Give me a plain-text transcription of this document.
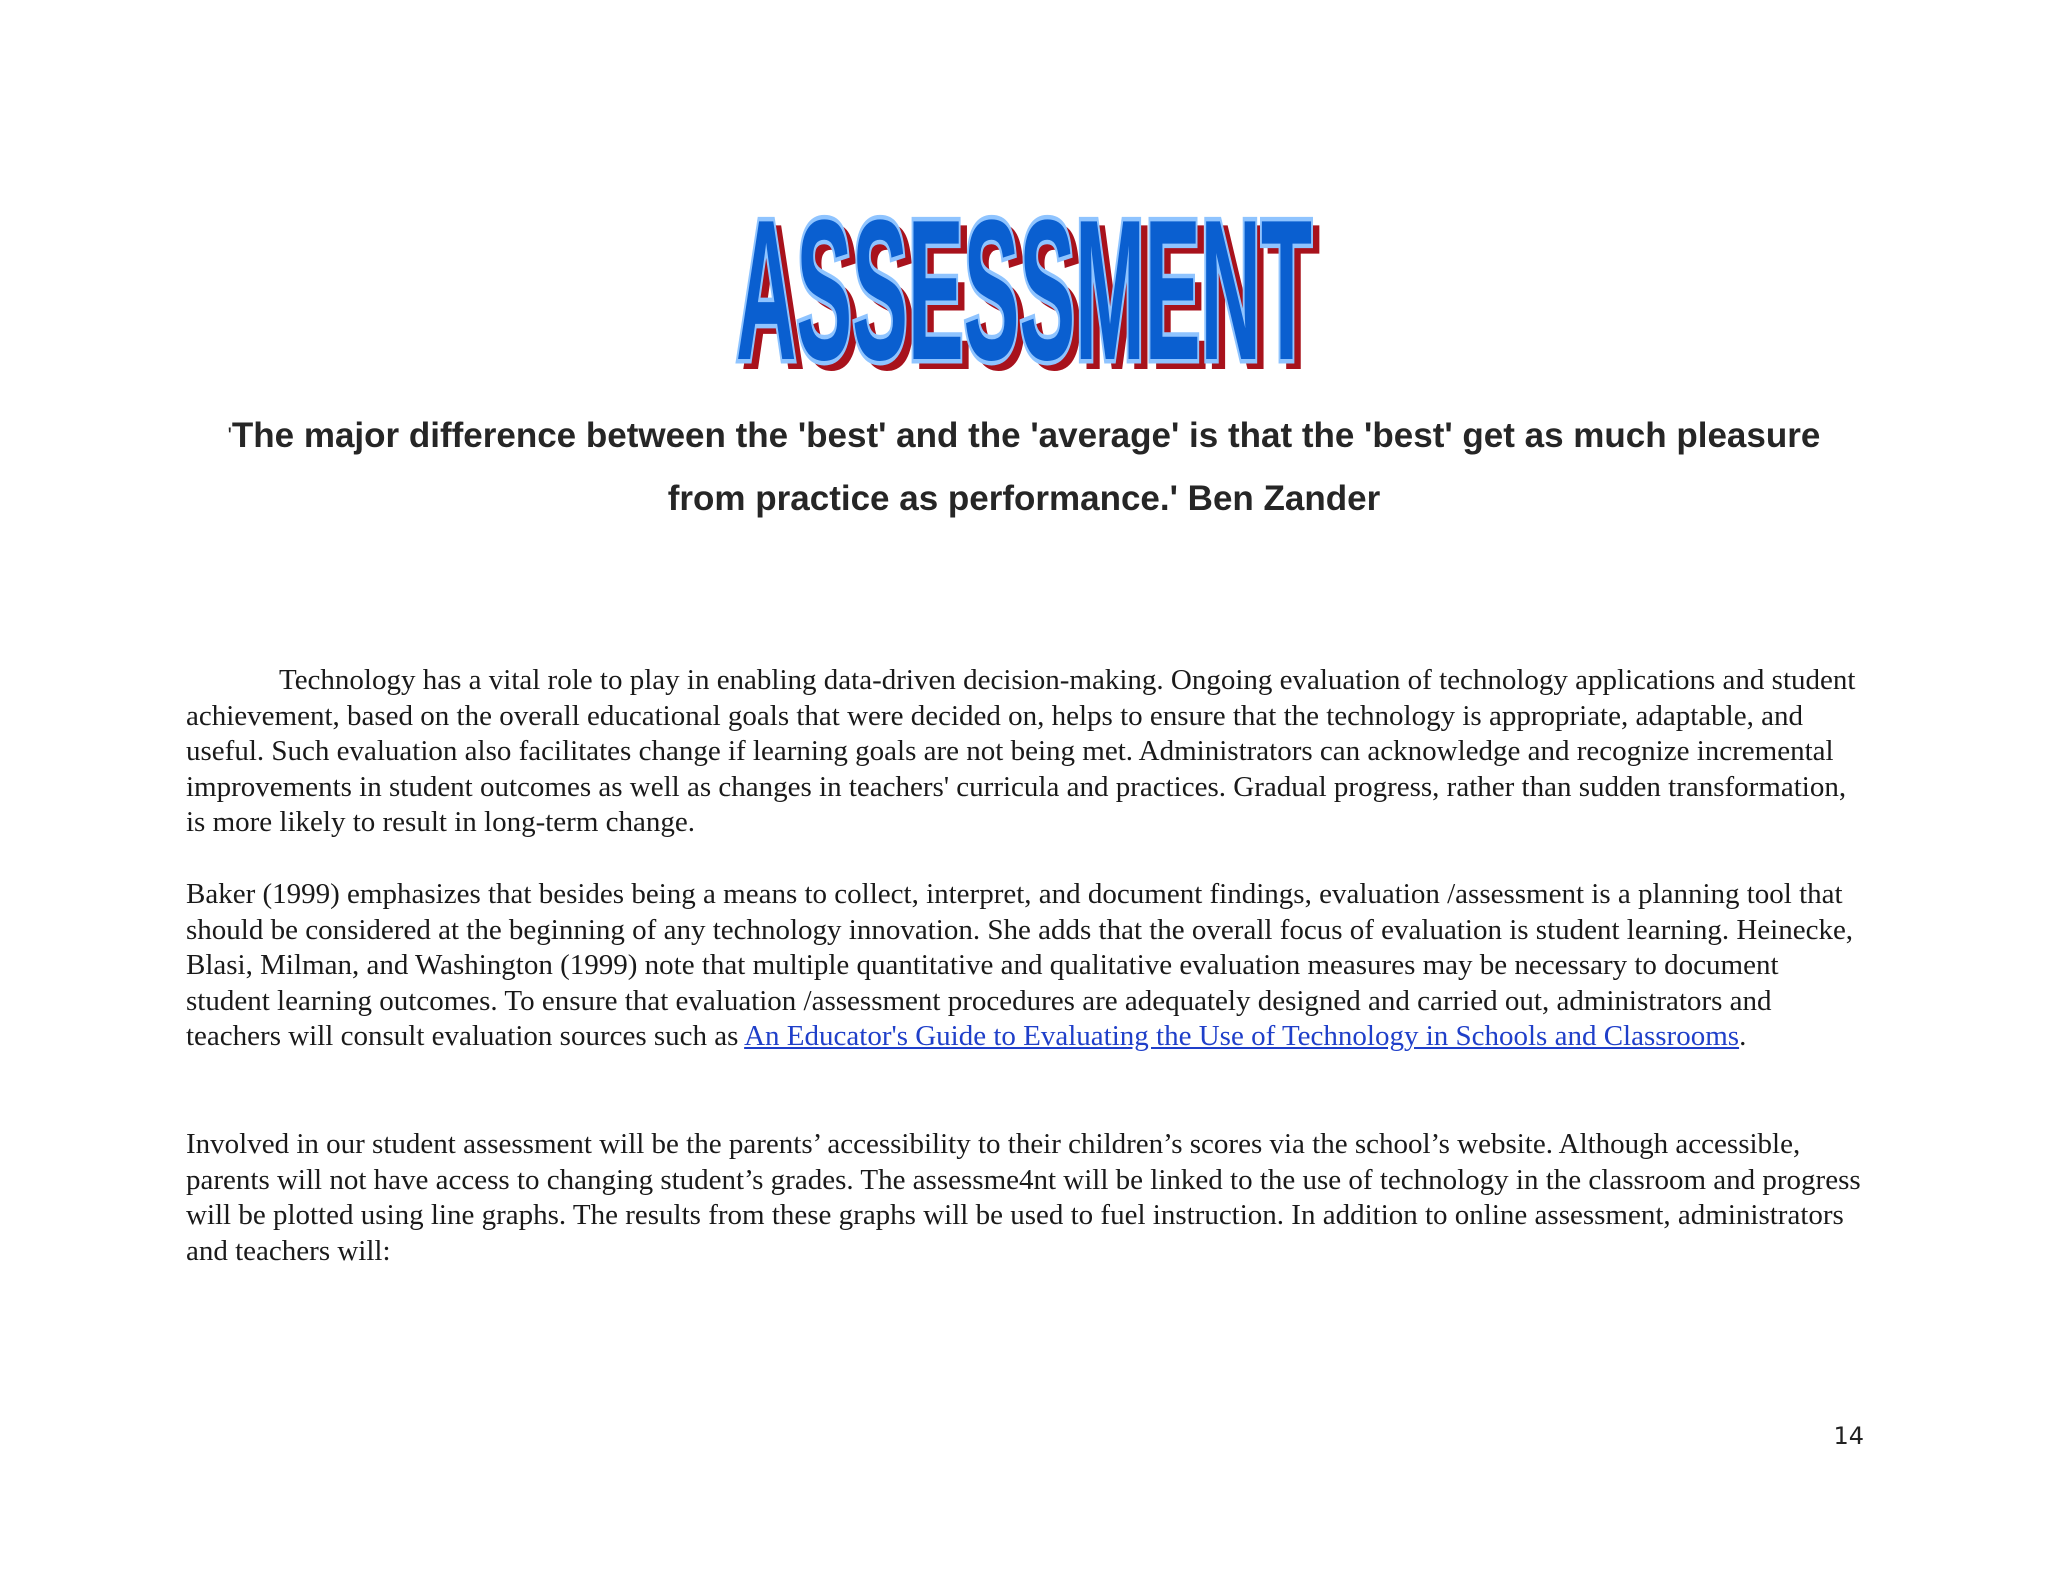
ASSESSMENT
ASSESSMENT
ASSESSMENT
'The major difference between the 'best' and the 'average' is that the 'best' get as much pleasure from practice as performance.' Ben Zander

Technology has a vital role to play in enabling data-driven decision-making. Ongoing evaluation of technology applications and student achievement, based on the overall educational goals that were decided on, helps to ensure that the technology is appropriate, adaptable, and useful. Such evaluation also facilitates change if learning goals are not being met. Administrators can acknowledge and recognize incremental improvements in student outcomes as well as changes in teachers' curricula and practices. Gradual progress, rather than sudden transformation, is more likely to result in long-term change.

Baker (1999) emphasizes that besides being a means to collect, interpret, and document findings, evaluation /assessment is a planning tool that should be considered at the beginning of any technology innovation. She adds that the overall focus of evaluation is student learning. Heinecke, Blasi, Milman, and Washington (1999) note that multiple quantitative and qualitative evaluation measures may be necessary to document student learning outcomes. To ensure that evaluation /assessment procedures are adequately designed and carried out, administrators and teachers will consult evaluation sources such as An Educator's Guide to Evaluating the Use of Technology in Schools and Classrooms.

Involved in our student assessment will be the parents’ accessibility to their children’s scores via the school’s website. Although accessible, parents will not have access to changing student’s grades. The assessme4nt will be linked to the use of technology in the classroom and progress will be plotted using line graphs. The results from these graphs will be used to fuel instruction. In addition to online assessment, administrators and teachers will:

14
